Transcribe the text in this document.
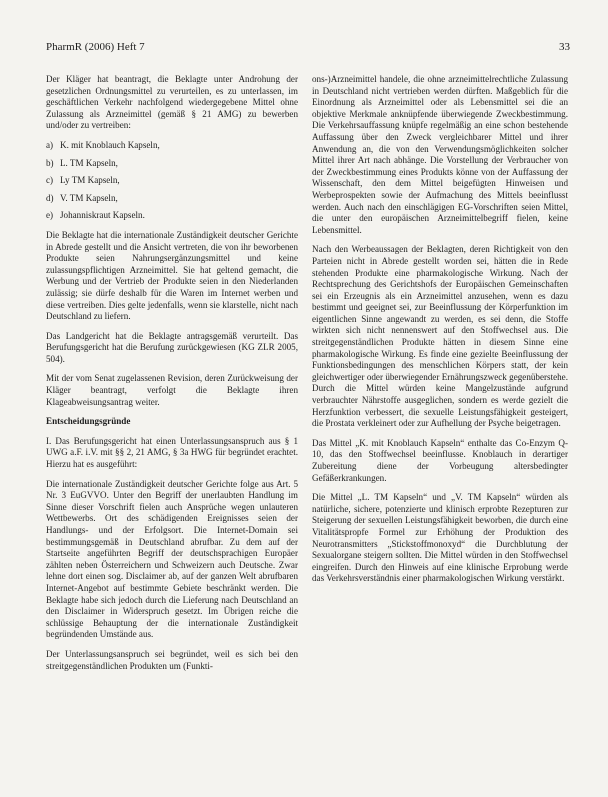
PharmR (2006) Heft 7	33

Der Kläger hat beantragt, die Beklagte unter Androhung der gesetzlichen Ordnungsmittel zu verurteilen, es zu unterlassen, im geschäftlichen Verkehr nachfolgend wiedergegebene Mittel ohne Zulassung als Arzneimittel (gemäß § 21 AMG) zu bewerben und/oder zu vertreiben:

a) K. mit Knoblauch Kapseln,
b) L. TM Kapseln,
c) Ly TM Kapseln,
d) V. TM Kapseln,
e) Johanniskraut Kapseln.

Die Beklagte hat die internationale Zuständigkeit deutscher Gerichte in Abrede gestellt und die Ansicht vertreten, die von ihr beworbenen Produkte seien Nahrungsergänzungsmittel und keine zulassungspflichtigen Arzneimittel. Sie hat geltend gemacht, die Werbung und der Vertrieb der Produkte seien in den Niederlanden zulässig; sie dürfe deshalb für die Waren im Internet werben und diese vertreiben. Dies gelte jedenfalls, wenn sie klarstelle, nicht nach Deutschland zu liefern.

Das Landgericht hat die Beklagte antragsgemäß verurteilt. Das Berufungsgericht hat die Berufung zurückgewiesen (KG ZLR 2005, 504).

Mit der vom Senat zugelassenen Revision, deren Zurückweisung der Kläger beantragt, verfolgt die Beklagte ihren Klageabweisungsantrag weiter.

Entscheidungsgründe

I. Das Berufungsgericht hat einen Unterlassungsanspruch aus § 1 UWG a.F. i.V. mit §§ 2, 21 AMG, § 3a HWG für begründet erachtet. Hierzu hat es ausgeführt:

Die internationale Zuständigkeit deutscher Gerichte folge aus Art. 5 Nr. 3 EuGVVO. Unter den Begriff der unerlaubten Handlung im Sinne dieser Vorschrift fielen auch Ansprüche wegen unlauteren Wettbewerbs. Ort des schädigenden Ereignisses seien der Handlungs- und der Erfolgsort. Die Internet-Domain sei bestimmungsgemäß in Deutschland abrufbar. Zu dem auf der Startseite angeführten Begriff der deutschsprachigen Europäer zählten neben Österreichern und Schweizern auch Deutsche. Zwar lehne dort einen sog. Disclaimer ab, auf der ganzen Welt abrufbaren Internet-Angebot auf bestimmte Gebiete beschränkt werden. Die Beklagte habe sich jedoch durch die Lieferung nach Deutschland an den Disclaimer in Widerspruch gesetzt. Im Übrigen reiche die schlüssige Behauptung der die internationale Zuständigkeit begründenden Umstände aus.

Der Unterlassungsanspruch sei begründet, weil es sich bei den streitgegenständlichen Produkten um (Funkti-

ons-)Arzneimittel handele, die ohne arzneimittelrechtliche Zulassung in Deutschland nicht vertrieben werden dürften. Maßgeblich für die Einordnung als Arzneimittel oder als Lebensmittel sei die an objektive Merkmale anknüpfende überwiegende Zweckbestimmung. Die Verkehrsauffassung knüpfe regelmäßig an eine schon bestehende Auffassung über den Zweck vergleichbarer Mittel und ihrer Anwendung an, die von den Verwendungsmöglichkeiten solcher Mittel ihrer Art nach abhänge. Die Vorstellung der Verbraucher von der Zweckbestimmung eines Produkts könne von der Auffassung der Wissenschaft, den dem Mittel beigefügten Hinweisen und Werbeprospekten sowie der Aufmachung des Mittels beeinflusst werden. Auch nach den einschlägigen EG-Vorschriften seien Mittel, die unter den europäischen Arzneimittelbegriff fielen, keine Lebensmittel.

Nach den Werbeaussagen der Beklagten, deren Richtigkeit von den Parteien nicht in Abrede gestellt worden sei, hätten die in Rede stehenden Produkte eine pharmakologische Wirkung. Nach der Rechtsprechung des Gerichtshofs der Europäischen Gemeinschaften sei ein Erzeugnis als ein Arzneimittel anzusehen, wenn es dazu bestimmt und geeignet sei, zur Beeinflussung der Körperfunktion im eigentlichen Sinne angewandt zu werden, es sei denn, die Stoffe wirkten sich nicht nennenswert auf den Stoffwechsel aus. Die streitgegenständlichen Produkte hätten in diesem Sinne eine pharmakologische Wirkung. Es finde eine gezielte Beeinflussung der Funktionsbedingungen des menschlichen Körpers statt, der kein gleichwertiger oder überwiegender Ernährungszweck gegenüberstehe. Durch die Mittel würden keine Mangelzustände aufgrund verbrauchter Nährstoffe ausgeglichen, sondern es werde gezielt die Herzfunktion verbessert, die sexuelle Leistungsfähigkeit gesteigert, die Prostata verkleinert oder zur Aufhellung der Psyche beigetragen.

Das Mittel „K. mit Knoblauch Kapseln“ enthalte das Co-Enzym Q-10, das den Stoffwechsel beeinflusse. Knoblauch in derartiger Zubereitung diene der Vorbeugung altersbedingter Gefäßerkrankungen.

Die Mittel „L. TM Kapseln“ und „V. TM Kapseln“ würden als natürliche, sichere, potenzierte und klinisch erprobte Rezepturen zur Steigerung der sexuellen Leistungsfähigkeit beworben, die durch eine Vitalitätspropfe Formel zur Erhöhung der Produktion des Neurotransmitters „Stickstoffmonoxyd“ die Durchblutung der Sexualorgane steigern sollten. Die Mittel würden in den Stoffwechsel eingreifen. Durch den Hinweis auf eine klinische Erprobung werde das Verkehrsverständnis einer pharmakologischen Wirkung verstärkt.
